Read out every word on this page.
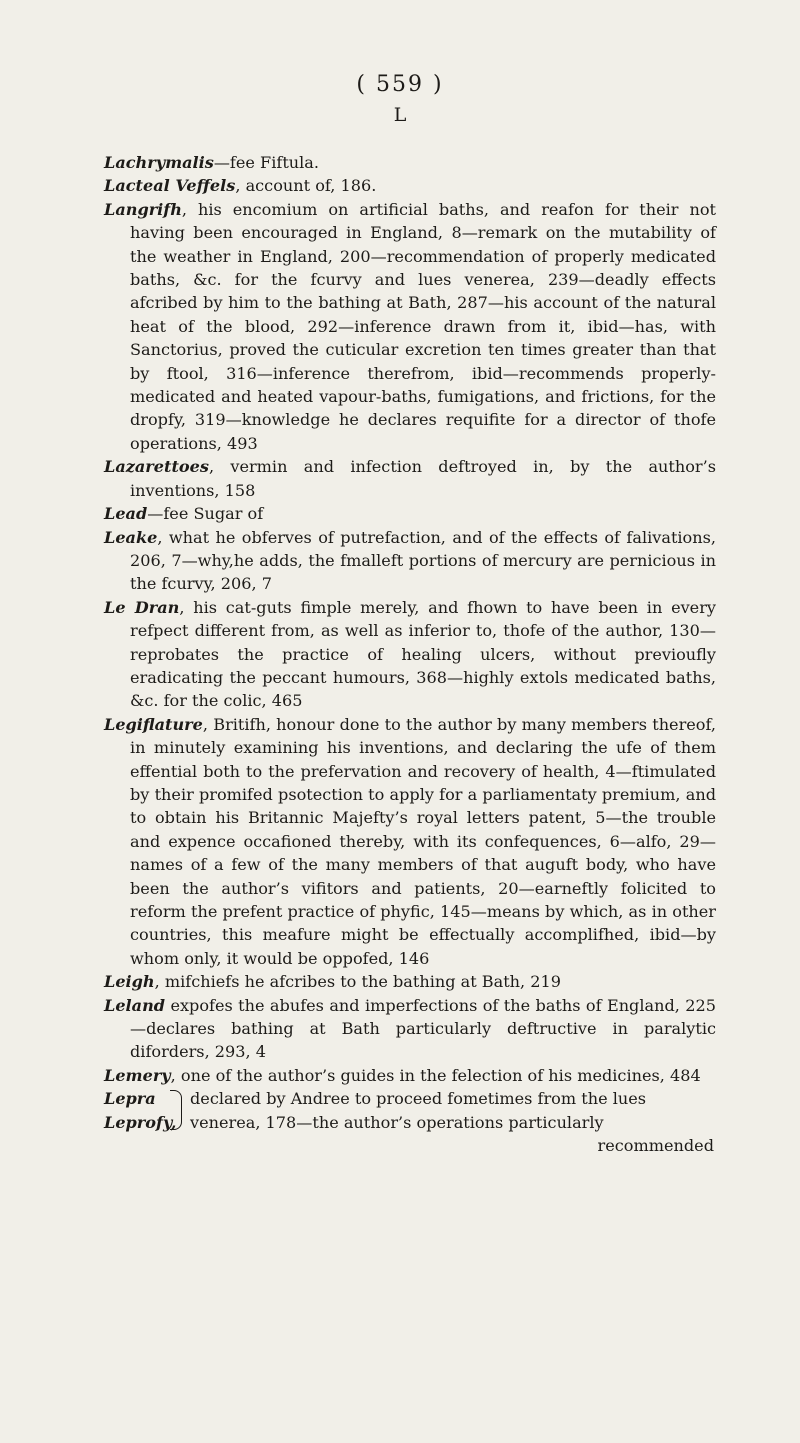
( 559 )
L

Lachrymalis—fee Fiftula.

Lacteal Veffels, account of, 186.

Langrifh, his encomium on artificial baths, and reafon for their not having been encouraged in England, 8—remark on the mutability of the weather in England, 200—recommendation of properly medicated baths, &c. for the fcurvy and lues venerea, 239—deadly effects afcribed by him to the bathing at Bath, 287—his account of the natural heat of the blood, 292—inference drawn from it, ibid—has, with Sanctorius, proved the cuticular excretion ten times greater than that by ftool, 316—inference therefrom, ibid—recommends properly-medicated and heated vapour-baths, fumigations, and frictions, for the dropfy, 319—knowledge he declares requifite for a director of thofe operations, 493

Lazarettoes, vermin and infection deftroyed in, by the author’s inventions, 158

Lead—fee Sugar of

Leake, what he obferves of putrefaction, and of the effects of falivations, 206, 7—why,he adds, the fmalleft portions of mercury are pernicious in the fcurvy, 206, 7

Le Dran, his cat-guts fimple merely, and fhown to have been in every refpect different from, as well as inferior to, thofe of the author, 130—reprobates the practice of healing ulcers, without previoufly eradicating the peccant humours, 368—highly extols medicated baths, &c. for the colic, 465

Legiflature, Britifh, honour done to the author by many members thereof, in minutely examining his inventions, and declaring the ufe of them effential both to the prefervation and recovery of health, 4—ftimulated by their promifed psotection to apply for a parliamentaty premium, and to obtain his Britannic Majefty’s royal letters patent, 5—the trouble and expence occafioned thereby, with its confequences, 6—alfo, 29—names of a few of the many members of that auguft body, who have been the author’s vifitors and patients, 20—earneftly folicited to reform the prefent practice of phyfic, 145—means by which, as in other countries, this meafure might be effectually accomplifhed, ibid—by whom only, it would be oppofed, 146

Leigh, mifchiefs he afcribes to the bathing at Bath, 219

Leland expofes the abufes and imperfections of the baths of England, 225—declares bathing at Bath particularly deftructive in paralytic diforders, 293, 4

Lemery, one of the author’s guides in the felection of his medicines, 484

Lepra
Leprofy,
declared by Andree to proceed fometimes from the lues
venerea, 178—the author’s operations particularly
recommended
